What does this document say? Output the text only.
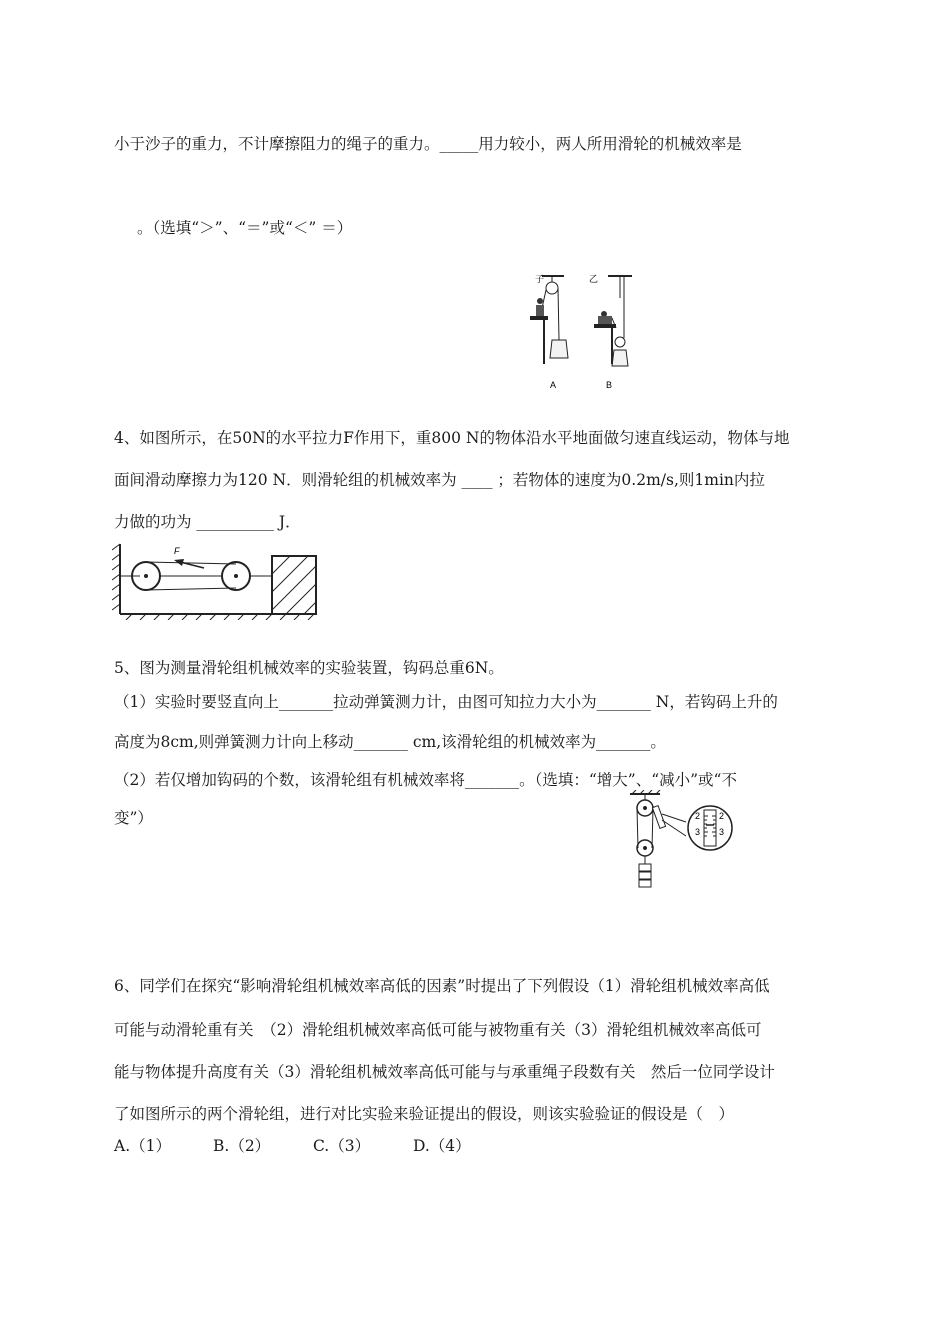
小于沙子的重力，不计摩擦阻力的绳子的重力。_____用力较小，两人所用滑轮的机械效率是
。（选填“＞”、“＝”或“＜” ＝）
子
A
乙
B
4、如图所示，在50N的水平拉力F作用下，重800 N的物体沿水平地面做匀速直线运动，物体与地
面间滑动摩擦力为120 N．则滑轮组的机械效率为 ____ ；若物体的速度为0.2m/s,则1min内拉
力做的功为 __________ J．
F
5、图为测量滑轮组机械效率的实验装置，钩码总重6N。
（1）实验时要竖直向上_______拉动弹簧测力计，由图可知拉力大小为_______ N，若钩码上升的
高度为8cm,则弹簧测力计向上移动_______ cm,该滑轮组的机械效率为_______。
（2）若仅增加钩码的个数，该滑轮组有机械效率将_______。（选填：“增大”、“减小”或“不
变”）	2 2
3 3
6、同学们在探究“影响滑轮组机械效率高低的因素”时提出了下列假设（1）滑轮组机械效率高低
可能与动滑轮重有关　（2）滑轮组机械效率高低可能与被物重有关（3）滑轮组机械效率高低可
能与物体提升高度有关（3）滑轮组机械效率高低可能与与承重绳子段数有关　然后一位同学设计
了如图所示的两个滑轮组，进行对比实验来验证提出的假设，则该实验验证的假设是（　）
A.（1）	B.（2）	C.（3）	D.（4）
